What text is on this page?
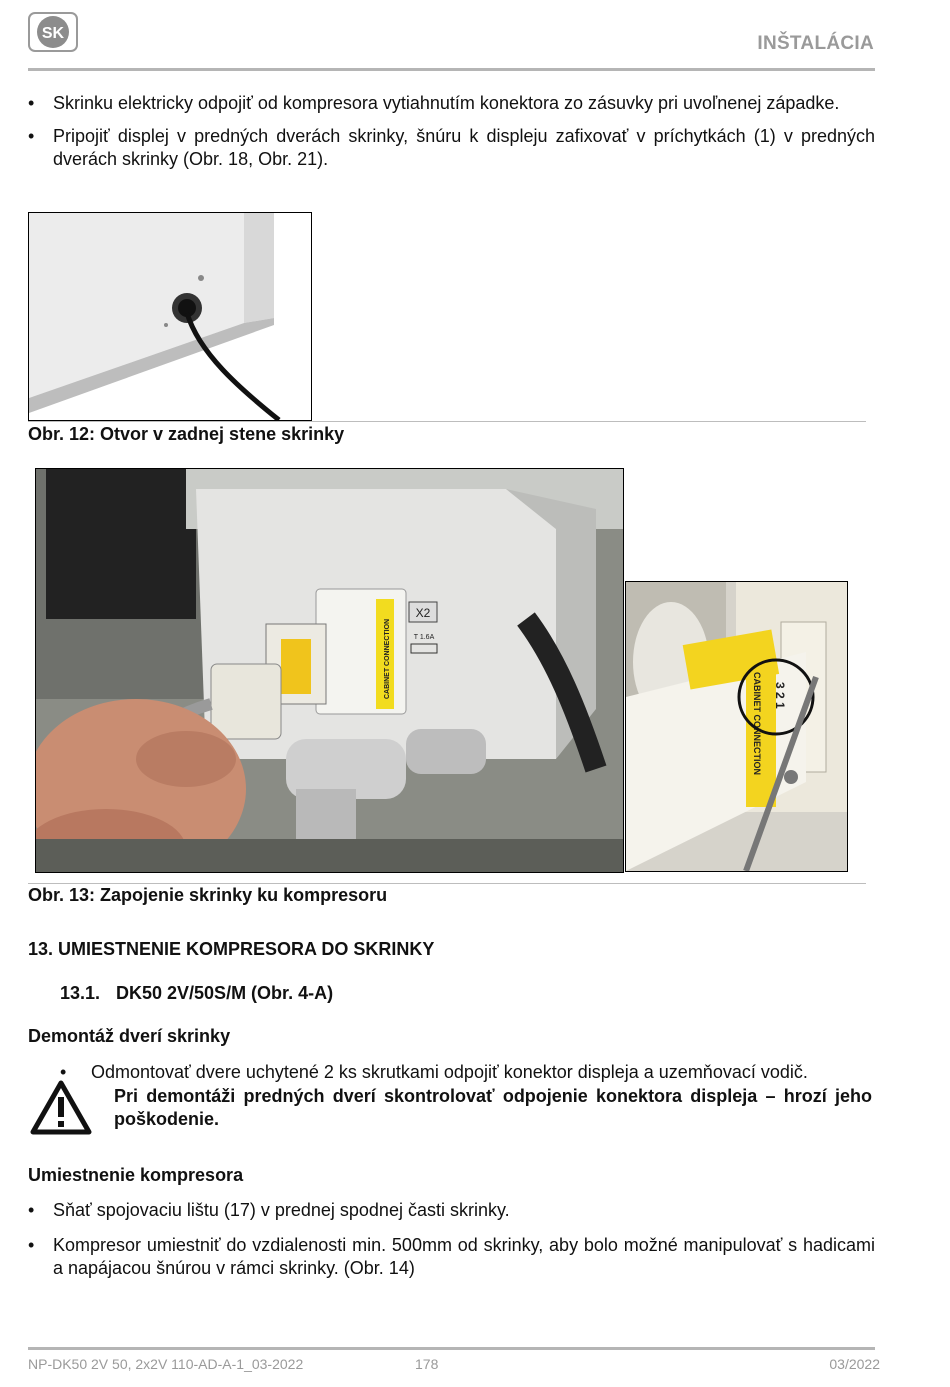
SK	INŠTALÁCIA
• Skrinku elektricky odpojiť od kompresora vytiahnutím konektora zo zásuvky pri uvoľnenej západke.
• Pripojiť displej v predných dverách skrinky, šnúru k displeju zafixovať v príchytkách (1) v predných dverách skrinky (Obr. 18, Obr. 21).
Obr. 12: Otvor v zadnej stene skrinky
CABINET CONNECTION
X2
T 1.6A
CABINET CONNECTION 3 2 1
Obr. 13: Zapojenie skrinky ku kompresoru
13. UMIESTNENIE KOMPRESORA DO SKRINKY
13.1. DK50 2V/50S/M (Obr. 4-A)
Demontáž dverí skrinky
• Odmontovať dvere uchytené 2 ks skrutkami odpojiť konektor displeja a uzemňovací vodič.
Pri demontáži predných dverí skontrolovať odpojenie konektora displeja – hrozí jeho poškodenie.
Umiestnenie kompresora
• Sňať spojovaciu lištu (17) v prednej spodnej časti skrinky.
• Kompresor umiestniť do vzdialenosti min. 500mm od skrinky, aby bolo možné manipulovať s hadicami a napájacou šnúrou v rámci skrinky. (Obr. 14)
NP-DK50 2V 50, 2x2V 110-AD-A-1_03-2022	178	03/2022
